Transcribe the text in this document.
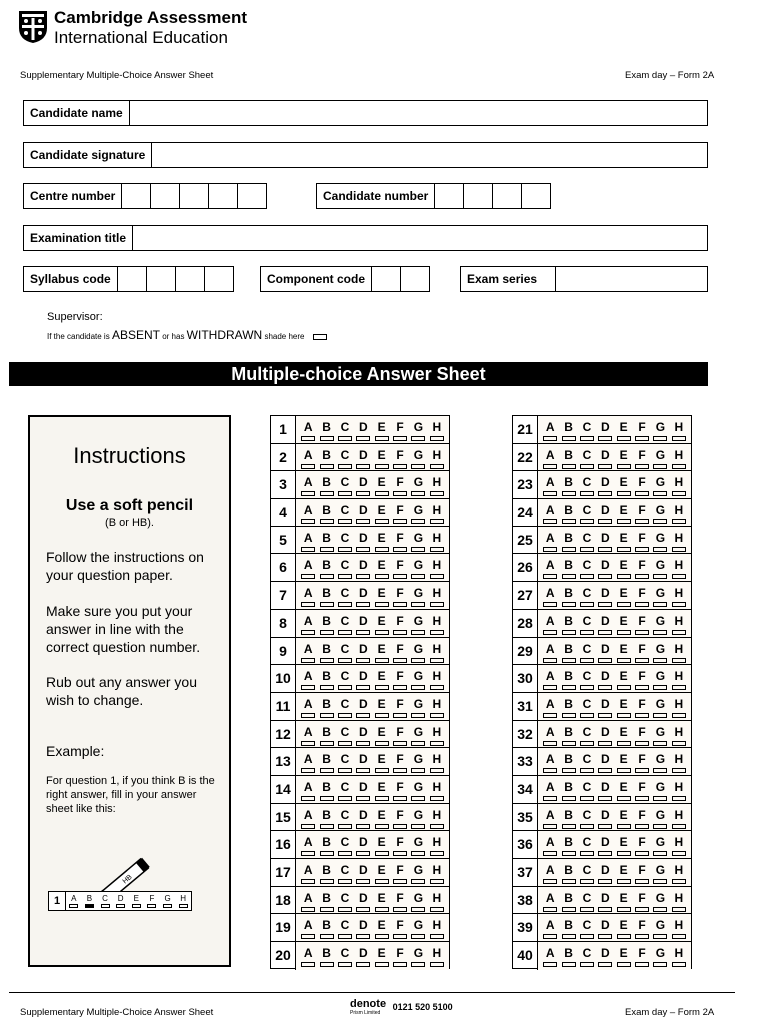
Cambridge Assessment
International Education
Supplementary Multiple-Choice Answer Sheet	Exam day – Form 2A
Candidate name
Candidate signature
Centre number	Candidate number
Examination title
Syllabus code	Component code	Exam series
Supervisor:
If the candidate is ABSENT or has WITHDRAWN shade here
Multiple-choice Answer Sheet
Instructions
Use a soft pencil
(B or HB).
Follow the instructions on your question paper.
Make sure you put your answer in line with the correct question number.
Rub out any answer you wish to change.
Example:
For question 1, if you think B is the right answer, fill in your answer sheet like this:
HB
1	A B C D E F G H
1	A B C D E F G H
2	A B C D E F G H
3	A B C D E F G H
4	A B C D E F G H
5	A B C D E F G H
6	A B C D E F G H
7	A B C D E F G H
8	A B C D E F G H
9	A B C D E F G H
10	A B C D E F G H
11	A B C D E F G H
12	A B C D E F G H
13	A B C D E F G H
14	A B C D E F G H
15	A B C D E F G H
16	A B C D E F G H
17	A B C D E F G H
18	A B C D E F G H
19	A B C D E F G H
20	A B C D E F G H
21	A B C D E F G H
22	A B C D E F G H
23	A B C D E F G H
24	A B C D E F G H
25	A B C D E F G H
26	A B C D E F G H
27	A B C D E F G H
28	A B C D E F G H
29	A B C D E F G H
30	A B C D E F G H
31	A B C D E F G H
32	A B C D E F G H
33	A B C D E F G H
34	A B C D E F G H
35	A B C D E F G H
36	A B C D E F G H
37	A B C D E F G H
38	A B C D E F G H
39	A B C D E F G H
40	A B C D E F G H
Supplementary Multiple-Choice Answer Sheet
denote
Prism Limited
0121 520 5100	Exam day – Form 2A
